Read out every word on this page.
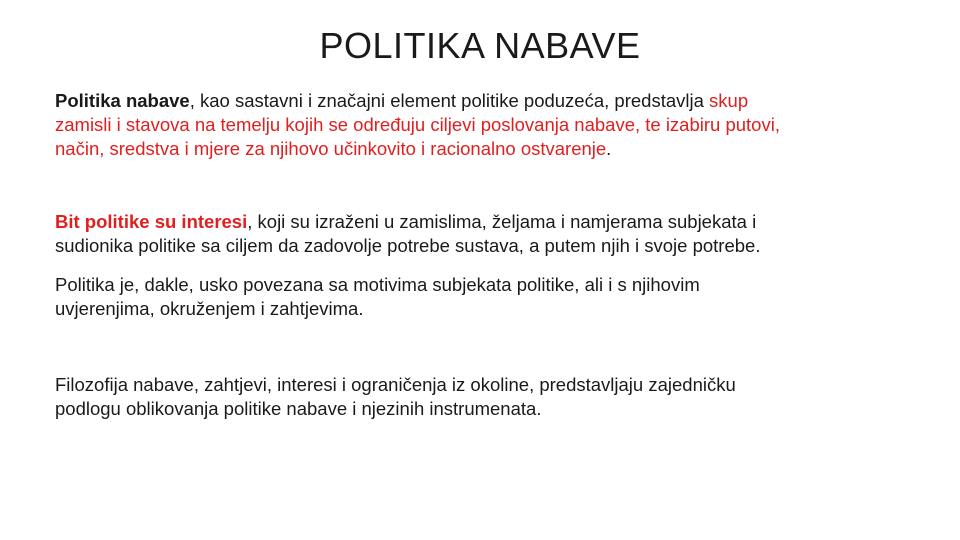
POLITIKA NABAVE
Politika nabave, kao sastavni i značajni element politike poduzeća, predstavlja skup
zamisli i stavova na temelju kojih se određuju ciljevi poslovanja nabave, te izabiru putovi,
način, sredstva i mjere za njihovo učinkovito i racionalno ostvarenje.
Bit politike su interesi, koji su izraženi u zamislima, željama i namjerama subjekata i
sudionika politike sa ciljem da zadovolje potrebe sustava, a putem njih i svoje potrebe.
Politika je, dakle, usko povezana sa motivima subjekata politike, ali i s njihovim
uvjerenjima, okruženjem i zahtjevima.
Filozofija nabave, zahtjevi, interesi i ograničenja iz okoline, predstavljaju zajedničku
podlogu oblikovanja politike nabave i njezinih instrumenata.
